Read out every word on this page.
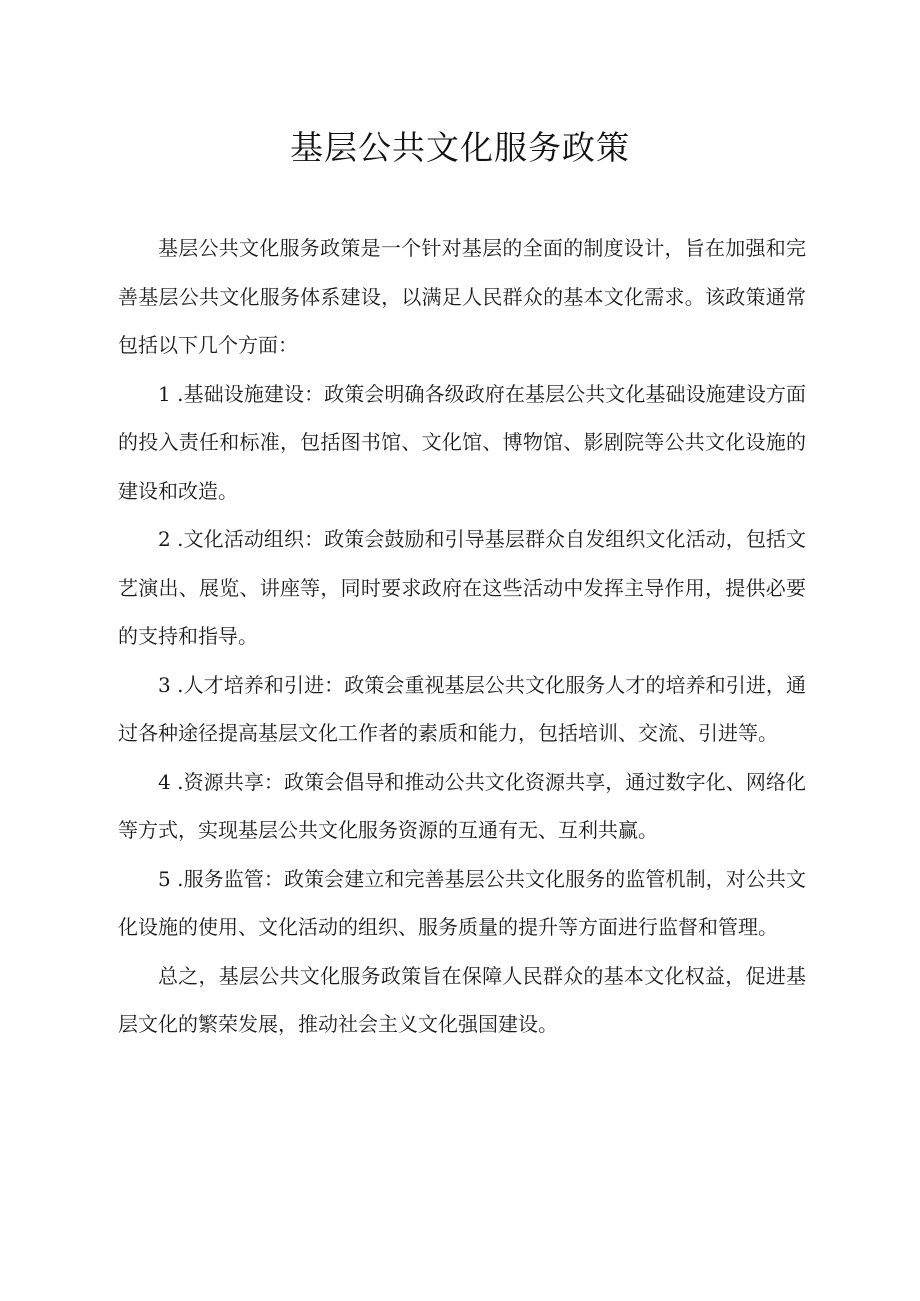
基层公共文化服务政策

基层公共文化服务政策是一个针对基层的全面的制度设计，旨在加强和完善基层公共文化服务体系建设，以满足人民群众的基本文化需求。该政策通常包括以下几个方面：

1 .基础设施建设：政策会明确各级政府在基层公共文化基础设施建设方面的投入责任和标准，包括图书馆、文化馆、博物馆、影剧院等公共文化设施的建设和改造。

2 .文化活动组织：政策会鼓励和引导基层群众自发组织文化活动，包括文艺演出、展览、讲座等，同时要求政府在这些活动中发挥主导作用，提供必要的支持和指导。

3 .人才培养和引进：政策会重视基层公共文化服务人才的培养和引进，通过各种途径提高基层文化工作者的素质和能力，包括培训、交流、引进等。

4 .资源共享：政策会倡导和推动公共文化资源共享，通过数字化、网络化等方式，实现基层公共文化服务资源的互通有无、互利共赢。

5 .服务监管：政策会建立和完善基层公共文化服务的监管机制，对公共文化设施的使用、文化活动的组织、服务质量的提升等方面进行监督和管理。

总之，基层公共文化服务政策旨在保障人民群众的基本文化权益，促进基层文化的繁荣发展，推动社会主义文化强国建设。
